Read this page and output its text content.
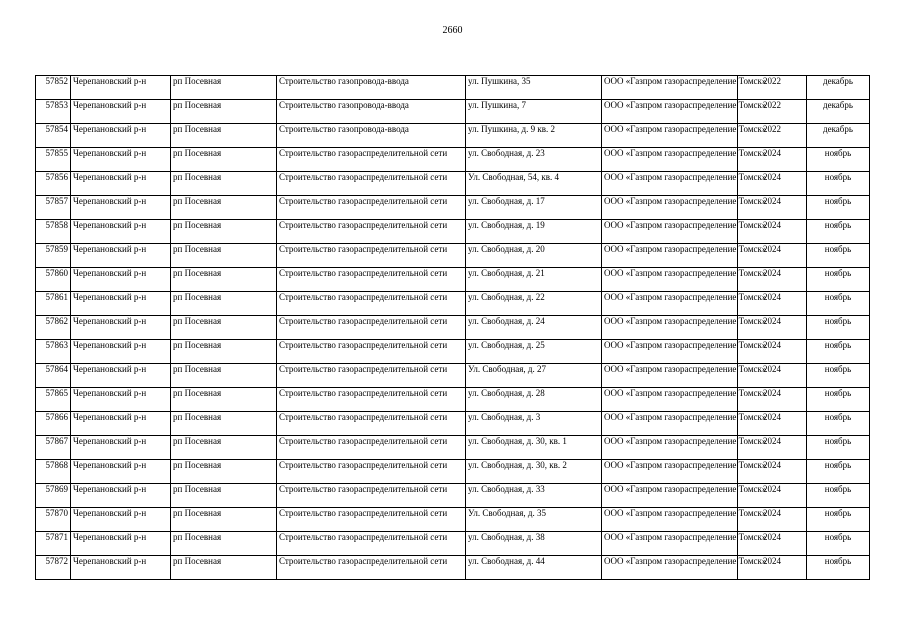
2660
57852	Черепановский р-н	рп Посевная	Строительство газопровода-ввода	ул. Пушкина, 35	ООО «Газпром газораспределение Томск»	2022	декабрь
57853	Черепановский р-н	рп Посевная	Строительство газопровода-ввода	ул. Пушкина, 7	ООО «Газпром газораспределение Томск»	2022	декабрь
57854	Черепановский р-н	рп Посевная	Строительство газопровода-ввода	ул. Пушкина, д. 9 кв. 2	ООО «Газпром газораспределение Томск»	2022	декабрь
57855	Черепановский р-н	рп Посевная	Строительство газораспределительной сети	ул. Свободная, д. 23	ООО «Газпром газораспределение Томск»	2024	ноябрь
57856	Черепановский р-н	рп Посевная	Строительство газораспределительной сети	Ул. Свободная, 54, кв. 4	ООО «Газпром газораспределение Томск»	2024	ноябрь
57857	Черепановский р-н	рп Посевная	Строительство газораспределительной сети	ул. Свободная, д. 17	ООО «Газпром газораспределение Томск»	2024	ноябрь
57858	Черепановский р-н	рп Посевная	Строительство газораспределительной сети	ул. Свободная, д. 19	ООО «Газпром газораспределение Томск»	2024	ноябрь
57859	Черепановский р-н	рп Посевная	Строительство газораспределительной сети	ул. Свободная, д. 20	ООО «Газпром газораспределение Томск»	2024	ноябрь
57860	Черепановский р-н	рп Посевная	Строительство газораспределительной сети	ул. Свободная, д. 21	ООО «Газпром газораспределение Томск»	2024	ноябрь
57861	Черепановский р-н	рп Посевная	Строительство газораспределительной сети	ул. Свободная, д. 22	ООО «Газпром газораспределение Томск»	2024	ноябрь
57862	Черепановский р-н	рп Посевная	Строительство газораспределительной сети	ул. Свободная, д. 24	ООО «Газпром газораспределение Томск»	2024	ноябрь
57863	Черепановский р-н	рп Посевная	Строительство газораспределительной сети	ул. Свободная, д. 25	ООО «Газпром газораспределение Томск»	2024	ноябрь
57864	Черепановский р-н	рп Посевная	Строительство газораспределительной сети	Ул. Свободная, д. 27	ООО «Газпром газораспределение Томск»	2024	ноябрь
57865	Черепановский р-н	рп Посевная	Строительство газораспределительной сети	ул. Свободная, д. 28	ООО «Газпром газораспределение Томск»	2024	ноябрь
57866	Черепановский р-н	рп Посевная	Строительство газораспределительной сети	ул. Свободная, д. 3	ООО «Газпром газораспределение Томск»	2024	ноябрь
57867	Черепановский р-н	рп Посевная	Строительство газораспределительной сети	ул. Свободная, д. 30, кв. 1	ООО «Газпром газораспределение Томск»	2024	ноябрь
57868	Черепановский р-н	рп Посевная	Строительство газораспределительной сети	ул. Свободная, д. 30, кв. 2	ООО «Газпром газораспределение Томск»	2024	ноябрь
57869	Черепановский р-н	рп Посевная	Строительство газораспределительной сети	ул. Свободная, д. 33	ООО «Газпром газораспределение Томск»	2024	ноябрь
57870	Черепановский р-н	рп Посевная	Строительство газораспределительной сети	Ул. Свободная, д. 35	ООО «Газпром газораспределение Томск»	2024	ноябрь
57871	Черепановский р-н	рп Посевная	Строительство газораспределительной сети	ул. Свободная, д. 38	ООО «Газпром газораспределение Томск»	2024	ноябрь
57872	Черепановский р-н	рп Посевная	Строительство газораспределительной сети	ул. Свободная, д. 44	ООО «Газпром газораспределение Томск»	2024	ноябрь
